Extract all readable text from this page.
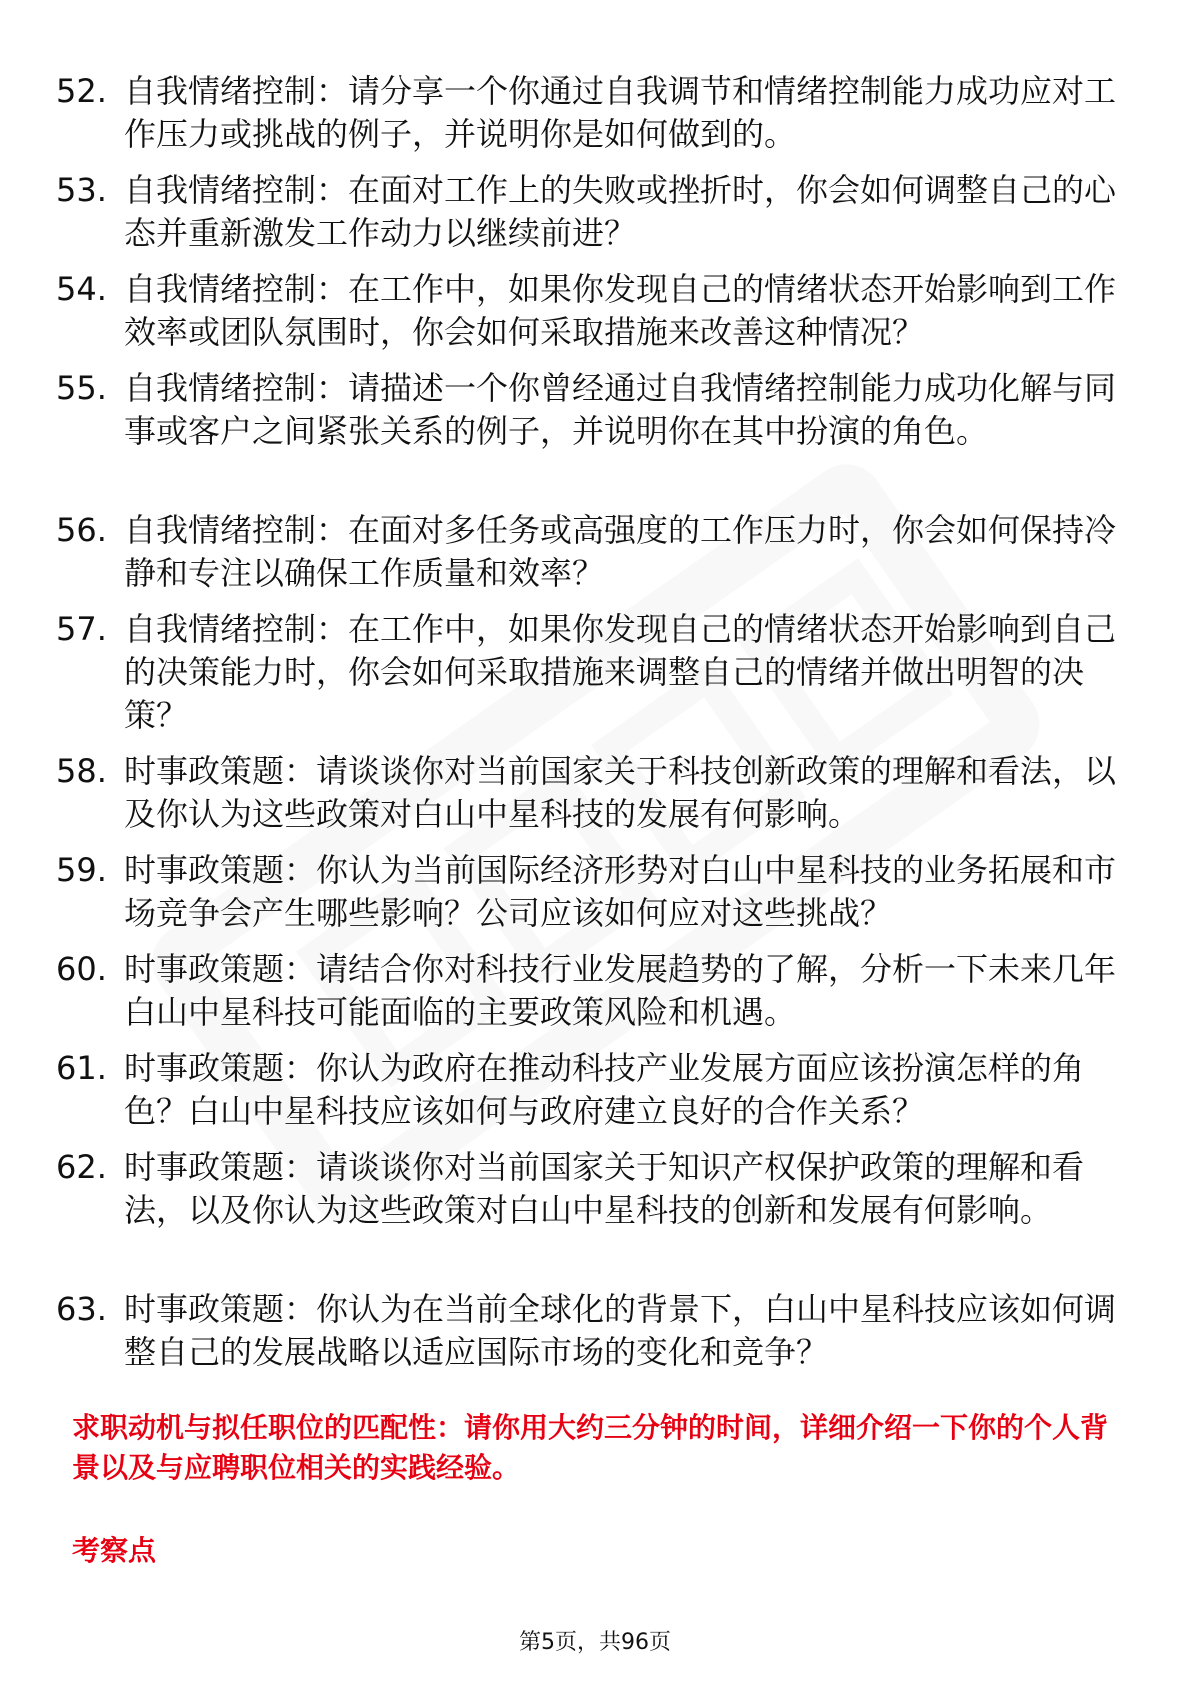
52. 自我情绪控制：请分享一个你通过自我调节和情绪控制能力成功应对工作压力或挑战的例子，并说明你是如何做到的。
53. 自我情绪控制：在面对工作上的失败或挫折时，你会如何调整自己的心态并重新激发工作动力以继续前进？
54. 自我情绪控制：在工作中，如果你发现自己的情绪状态开始影响到工作效率或团队氛围时，你会如何采取措施来改善这种情况？
55. 自我情绪控制：请描述一个你曾经通过自我情绪控制能力成功化解与同事或客户之间紧张关系的例子，并说明你在其中扮演的角色。
56. 自我情绪控制：在面对多任务或高强度的工作压力时，你会如何保持冷静和专注以确保工作质量和效率？
57. 自我情绪控制：在工作中，如果你发现自己的情绪状态开始影响到自己的决策能力时，你会如何采取措施来调整自己的情绪并做出明智的决策？
58. 时事政策题：请谈谈你对当前国家关于科技创新政策的理解和看法，以及你认为这些政策对白山中星科技的发展有何影响。
59. 时事政策题：你认为当前国际经济形势对白山中星科技的业务拓展和市场竞争会产生哪些影响？公司应该如何应对这些挑战？
60. 时事政策题：请结合你对科技行业发展趋势的了解，分析一下未来几年白山中星科技可能面临的主要政策风险和机遇。
61. 时事政策题：你认为政府在推动科技产业发展方面应该扮演怎样的角色？白山中星科技应该如何与政府建立良好的合作关系？
62. 时事政策题：请谈谈你对当前国家关于知识产权保护政策的理解和看法，以及你认为这些政策对白山中星科技的创新和发展有何影响。
63. 时事政策题：你认为在当前全球化的背景下，白山中星科技应该如何调整自己的发展战略以适应国际市场的变化和竞争？
求职动机与拟任职位的匹配性：请你用大约三分钟的时间，详细介绍一下你的个人背景以及与应聘职位相关的实践经验。
考察点
第5页，共96页
